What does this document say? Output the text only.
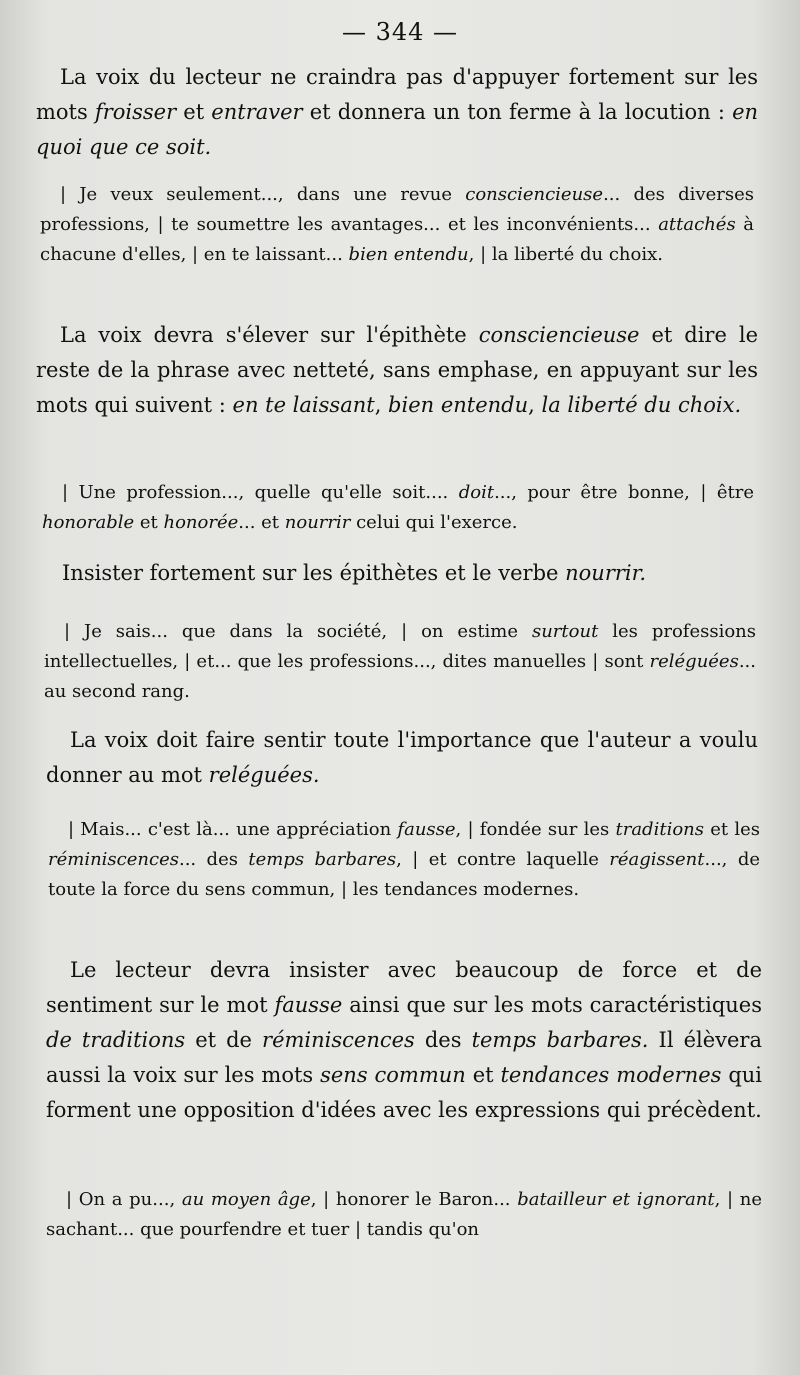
— 344 —

La voix du lecteur ne craindra pas d'appuyer fortement sur les mots froisser et entraver et donnera un ton ferme à la locution : en quoi que ce soit.

| Je veux seulement..., dans une revue consciencieuse... des diverses professions, | te soumettre les avantages... et les inconvénients... attachés à chacune d'elles, | en te laissant... bien entendu, | la liberté du choix.

La voix devra s'élever sur l'épithète consciencieuse et dire le reste de la phrase avec netteté, sans emphase, en appuyant sur les mots qui suivent : en te laissant, bien entendu, la liberté du choix.

| Une profession..., quelle qu'elle soit.... doit..., pour être bonne, | être honorable et honorée... et nourrir celui qui l'exerce.

Insister fortement sur les épithètes et le verbe nourrir.

| Je sais... que dans la société, | on estime surtout les professions intellectuelles, | et... que les professions..., dites manuelles | sont reléguées... au second rang.

La voix doit faire sentir toute l'importance que l'auteur a voulu donner au mot reléguées.

| Mais... c'est là... une appréciation fausse, | fondée sur les traditions et les réminiscences... des temps barbares, | et contre laquelle réagissent..., de toute la force du sens commun, | les tendances modernes.

Le lecteur devra insister avec beaucoup de force et de sentiment sur le mot fausse ainsi que sur les mots caractéristiques de traditions et de réminiscences des temps barbares. Il élèvera aussi la voix sur les mots sens commun et tendances modernes qui forment une opposition d'idées avec les expressions qui précèdent.

| On a pu..., au moyen âge, | honorer le Baron... batailleur et ignorant, | ne sachant... que pourfendre et tuer | tandis qu'on
